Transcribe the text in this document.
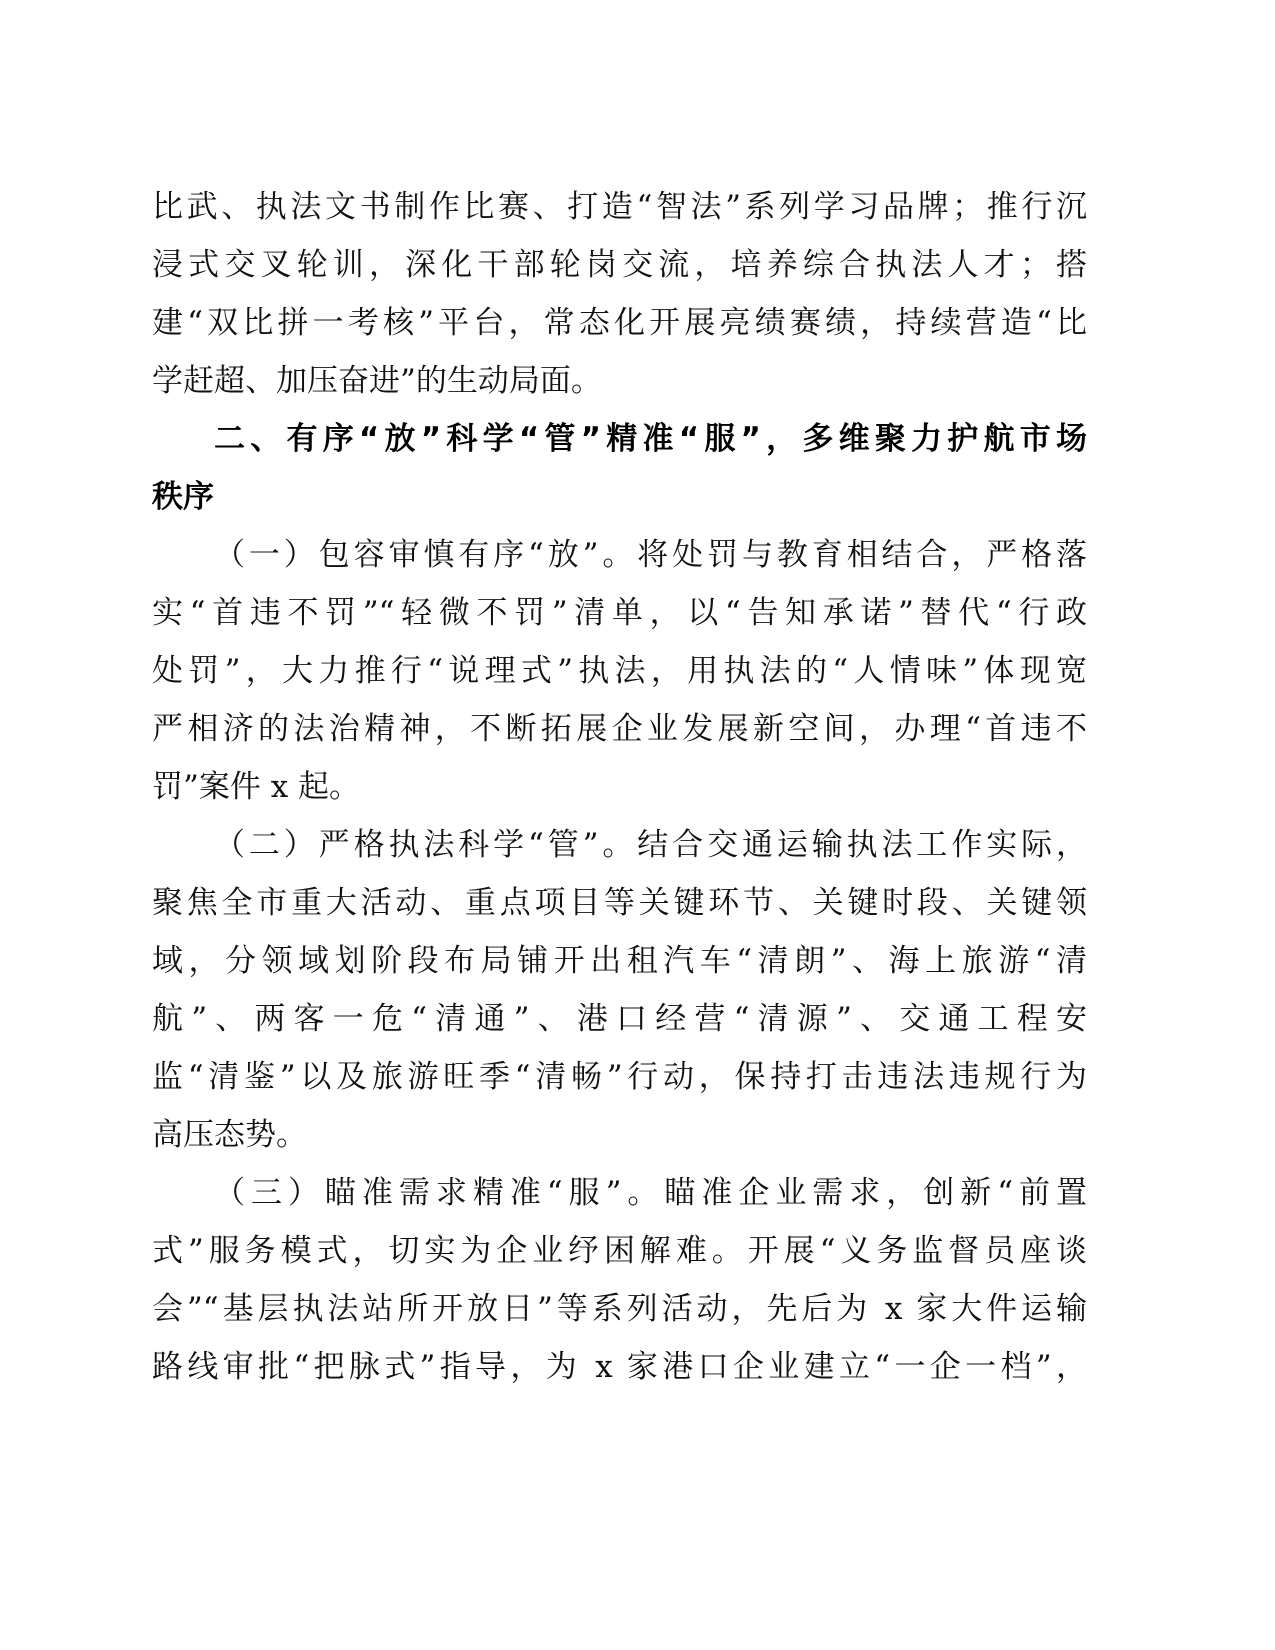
比武、执法文书制作比赛、打造“智法”系列学习品牌；推行沉
浸式交叉轮训，深化干部轮岗交流，培养综合执法人才；搭
建“双比拼一考核”平台，常态化开展亮绩赛绩，持续营造“比
学赶超、加压奋进”的生动局面。
二、有序“放”科学“管”精准“服”，多维聚力护航市场
秩序
（一）包容审慎有序“放”。将处罚与教育相结合，严格落
实“首违不罚”“轻微不罚”清单，以“告知承诺”替代“行政
处罚”，大力推行“说理式”执法，用执法的“人情味”体现宽
严相济的法治精神，不断拓展企业发展新空间，办理“首违不
罚”案件 x 起。
（二）严格执法科学“管”。结合交通运输执法工作实际，
聚焦全市重大活动、重点项目等关键环节、关键时段、关键领
域，分领域划阶段布局铺开出租汽车“清朗”、海上旅游“清
航”、两客一危“清通”、港口经营“清源”、交通工程安
监“清鉴”以及旅游旺季“清畅”行动，保持打击违法违规行为
高压态势。
（三）瞄准需求精准“服”。瞄准企业需求，创新“前置
式”服务模式，切实为企业纾困解难。开展“义务监督员座谈
会”“基层执法站所开放日”等系列活动，先后为 x 家大件运输
路线审批“把脉式”指导，为 x 家港口企业建立“一企一档”，
